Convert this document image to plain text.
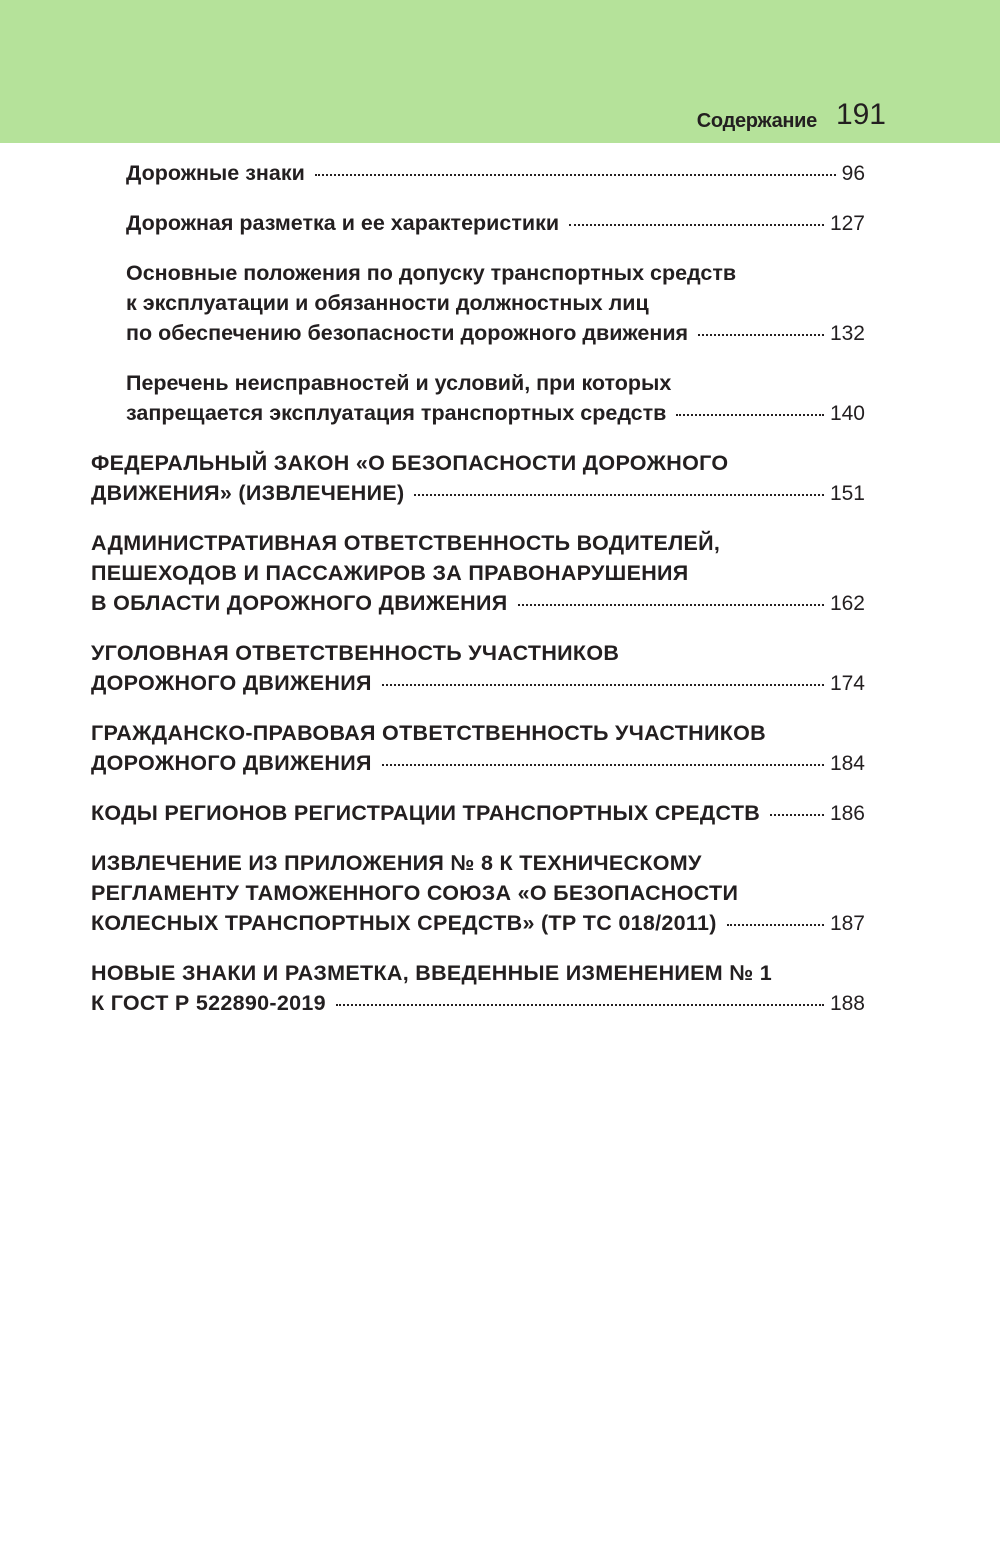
Содержание 191
Дорожные знаки	96
Дорожная разметка и ее характеристики	127
Основные положения по допуску транспортных средств
к эксплуатации и обязанности должностных лиц
по обеспечению безопасности дорожного движения	132
Перечень неисправностей и условий, при которых
запрещается эксплуатация транспортных средств	140
ФЕДЕРАЛЬНЫЙ ЗАКОН «О БЕЗОПАСНОСТИ ДОРОЖНОГО
ДВИЖЕНИЯ» (ИЗВЛЕЧЕНИЕ)	151
АДМИНИСТРАТИВНАЯ ОТВЕТСТВЕННОСТЬ ВОДИТЕЛЕЙ,
ПЕШЕХОДОВ И ПАССАЖИРОВ ЗА ПРАВОНАРУШЕНИЯ
В ОБЛАСТИ ДОРОЖНОГО ДВИЖЕНИЯ	162
УГОЛОВНАЯ ОТВЕТСТВЕННОСТЬ УЧАСТНИКОВ
ДОРОЖНОГО ДВИЖЕНИЯ	174
ГРАЖДАНСКО-ПРАВОВАЯ ОТВЕТСТВЕННОСТЬ УЧАСТНИКОВ
ДОРОЖНОГО ДВИЖЕНИЯ	184
КОДЫ РЕГИОНОВ РЕГИСТРАЦИИ ТРАНСПОРТНЫХ СРЕДСТВ	186
ИЗВЛЕЧЕНИЕ ИЗ ПРИЛОЖЕНИЯ № 8 К ТЕХНИЧЕСКОМУ
РЕГЛАМЕНТУ ТАМОЖЕННОГО СОЮЗА «О БЕЗОПАСНОСТИ
КОЛЕСНЫХ ТРАНСПОРТНЫХ СРЕДСТВ» (ТР ТС 018/2011)	187
НОВЫЕ ЗНАКИ И РАЗМЕТКА, ВВЕДЕННЫЕ ИЗМЕНЕНИЕМ № 1
К ГОСТ Р 522890-2019	188
